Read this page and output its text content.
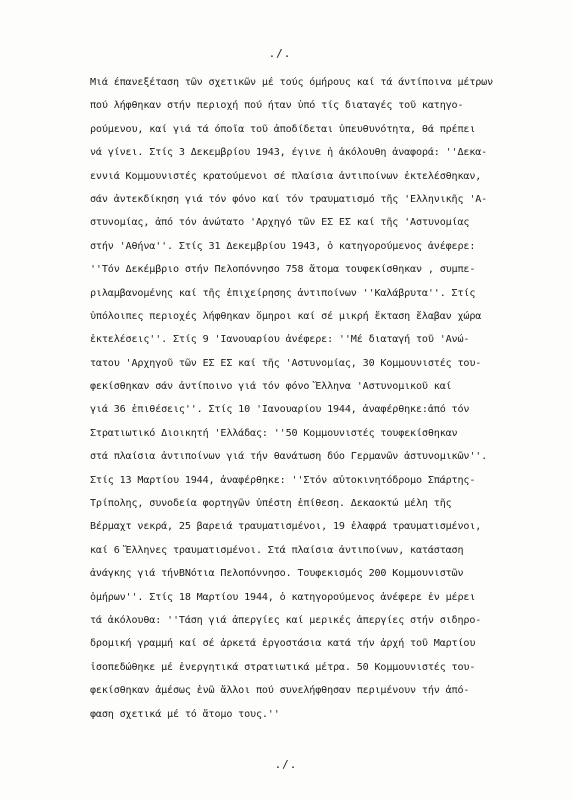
./.
Μιά έπανεξέταση τῶν σχετικῶν μέ τούς όμήρους καί τά άντίποινα μέτρων
πού λήφθηκαν στήν περιοχή πού ήταν ὑπό τίς διαταγές τοῦ κατηγο-
ρούμενου, καί γιά τά όποῖα τοῦ ἀποδίδεται ὑπευθυνότητα, θά πρέπει
νά γίνει. Στίς 3 Δεκεμβρίου 1943, έγινε ἡ ἀκόλουθη ἀναφορά: ''Δεκα-
εννιά Κομμουνιστές κρατούμενοι σέ πλαίσια ἀντιποίνων ἐκτελέσθηκαν,
σάν ἀντεκδίκηση γιά τόν φόνο καί τόν τραυματισμό τῆς 'Ελληνικῆς 'Α-
στυνομίας, ἀπό τόν ἀνώτατο 'Αρχηγό τῶν ΕΣ ΕΣ καί τῆς 'Αστυνομίας
στήν 'Αθήνα''. Στίς 31 Δεκεμβρίου 1943, ὁ κατηγορούμενος ἀνέφερε:
''Τόν Δεκέμβριο στήν Πελοπόννησο 758 ἄτομα τουφεκίσθηκαν , συμπε-
ριλαμβανομένης καί τῆς ἐπιχείρησης ἀντιποίνων ''Καλάβρυτα''. Στίς
ὑπόλοιπες περιοχές λήφθηκαν ὅμηροι καί σέ μικρή ἔκταση ἔλαβαν χώρα
ἐκτελέσεις''. Στίς 9 'Ιανουαρίου ἀνέφερε: ''Μέ διαταγή τοῦ 'Ανώ-
τατου 'Αρχηγοῦ τῶν ΕΣ ΕΣ καί τῆς 'Αστυνομίας, 30 Κομμουνιστές του-
φεκίσθηκαν σάν ἀντίποινο γιά τόν φόνο Ἕλληνα 'Αστυνομικοῦ καί
γιά 36 ἐπιθέσεις''. Στίς 10 'Ιανουαρίου 1944, ἀναφέρθηκε:ἀπό τόν
Στρατιωτικό Διοικητή 'Ελλάδας: ''50 Κομμουνιστές τουφεκίσθηκαν
στά πλαίσια ἀντιποίνων γιά τήν θανάτωση δύο Γερμανῶν ἀστυνομικῶν''.
Στίς 13 Μαρτίου 1944, ἀναφέρθηκε: ''Στόν αὐτοκινητόδρομο Σπάρτης-
Τρίπολης, συνοδεία φορτηγῶν ὑπέστη ἐπίθεση. Δεκαοκτώ μέλη τῆς
Βέρμαχτ νεκρά, 25 βαρειά τραυματισμένοι, 19 ἐλαφρά τραυματισμένοι,
καί 6 Ἕλληνες τραυματισμένοι. Στά πλαίσια ἀντιποίνων, κατάσταση
ἀνάγκης γιά τήνΒΝότια Πελοπόννησο. Τουφεκισμός 200 Κομμουνιστῶν
ὁμήρων''. Στίς 18 Μαρτίου 1944, ὁ κατηγορούμενος ἀνέφερε ἐν μέρει
τά ἀκόλουθα: ''Τάση γιά ἀπεργίες καί μερικές ἀπεργίες στήν σιδηρο-
δρομική γραμμή καί σέ ἀρκετά ἐργοστάσια κατά τήν ἀρχή τοῦ Μαρτίου
ἰσοπεδώθηκε μέ ἐνεργητικά στρατιωτικά μέτρα. 50 Κομμουνιστές του-
φεκίσθηκαν ἀμέσως ἐνῶ ἄλλοι πού συνελήφθησαν περιμένουν τήν ἀπό-
φαση σχετικά μέ τό ἄτομο τους.''
./.
